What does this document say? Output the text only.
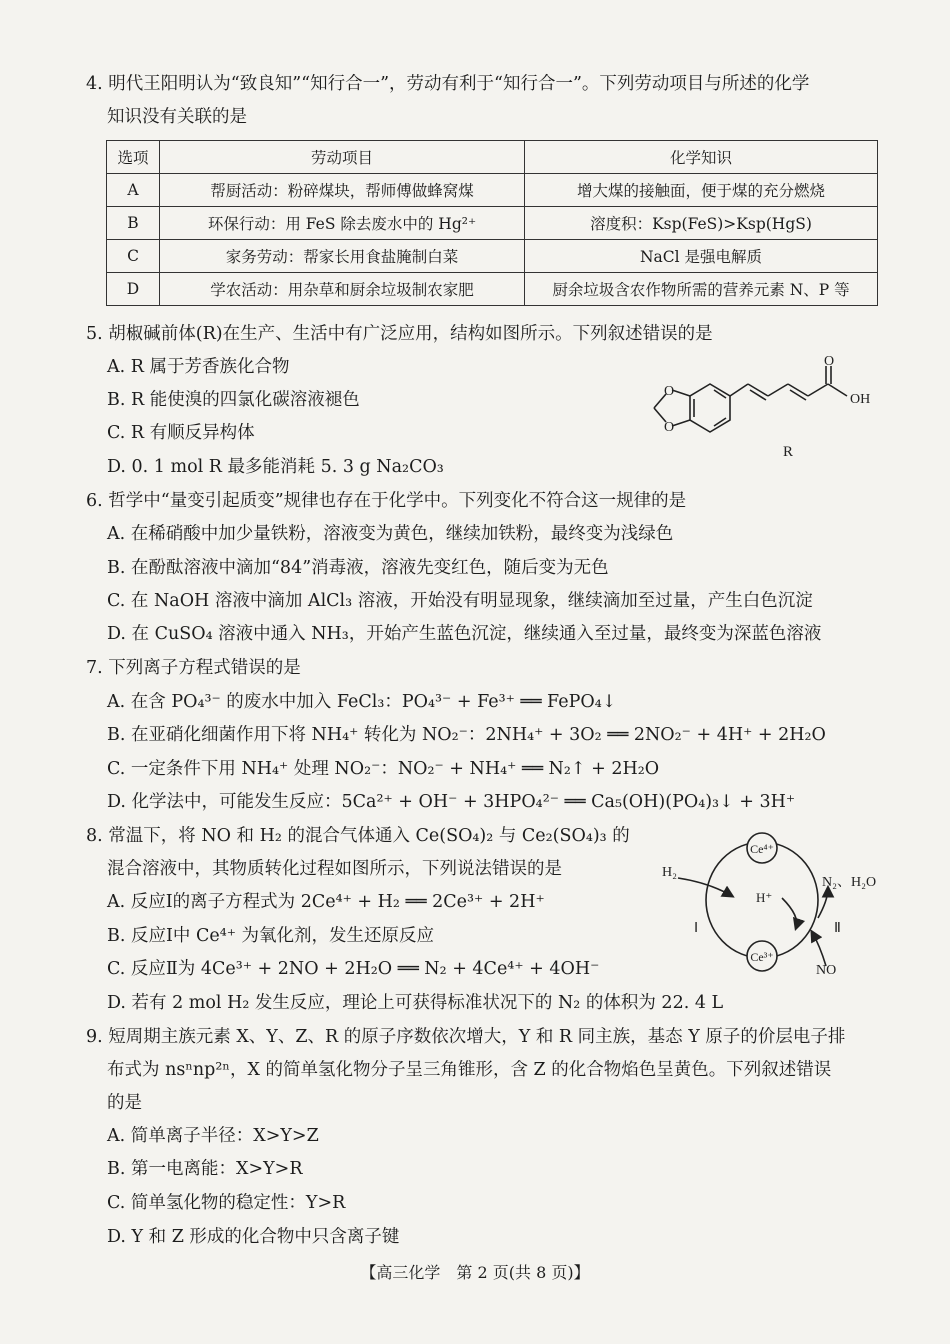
4. 明代王阳明认为“致良知”“知行合一”，劳动有利于“知行合一”。下列劳动项目与所述的化学
知识没有关联的是
选项	劳动项目	化学知识
A	帮厨活动：粉碎煤块，帮师傅做蜂窝煤	增大煤的接触面，便于煤的充分燃烧
B	环保行动：用 FeS 除去废水中的 Hg²⁺	溶度积：Ksp(FeS)>Ksp(HgS)
C	家务劳动：帮家长用食盐腌制白菜	NaCl 是强电解质
D	学农活动：用杂草和厨余垃圾制农家肥	厨余垃圾含农作物所需的营养元素 N、P 等
5. 胡椒碱前体(R)在生产、生活中有广泛应用，结构如图所示。下列叙述错误的是
A. R 属于芳香族化合物
B. R 能使溴的四氯化碳溶液褪色
C. R 有顺反异构体
D. 0. 1 mol R 最多能消耗 5. 3 g Na₂CO₃
O
O
O
OH
R
6. 哲学中“量变引起质变”规律也存在于化学中。下列变化不符合这一规律的是
A. 在稀硝酸中加少量铁粉，溶液变为黄色，继续加铁粉，最终变为浅绿色
B. 在酚酞溶液中滴加“84”消毒液，溶液先变红色，随后变为无色
C. 在 NaOH 溶液中滴加 AlCl₃ 溶液，开始没有明显现象，继续滴加至过量，产生白色沉淀
D. 在 CuSO₄ 溶液中通入 NH₃，开始产生蓝色沉淀，继续通入至过量，最终变为深蓝色溶液
7. 下列离子方程式错误的是
A. 在含 PO₄³⁻ 的废水中加入 FeCl₃：PO₄³⁻ + Fe³⁺ ══ FePO₄↓
B. 在亚硝化细菌作用下将 NH₄⁺ 转化为 NO₂⁻：2NH₄⁺ + 3O₂ ══ 2NO₂⁻ + 4H⁺ + 2H₂O
C. 一定条件下用 NH₄⁺ 处理 NO₂⁻：NO₂⁻ + NH₄⁺ ══ N₂↑ + 2H₂O
D. 化学法中，可能发生反应：5Ca²⁺ + OH⁻ + 3HPO₄²⁻ ══ Ca₅(OH)(PO₄)₃↓ + 3H⁺
8. 常温下，将 NO 和 H₂ 的混合气体通入 Ce(SO₄)₂ 与 Ce₂(SO₄)₃ 的
混合溶液中，其物质转化过程如图所示，下列说法错误的是
A. 反应Ⅰ的离子方程式为 2Ce⁴⁺ + H₂ ══ 2Ce³⁺ + 2H⁺
B. 反应Ⅰ中 Ce⁴⁺ 为氧化剂，发生还原反应
C. 反应Ⅱ为 4Ce³⁺ + 2NO + 2H₂O ══ N₂ + 4Ce⁴⁺ + 4OH⁻
D. 若有 2 mol H₂ 发生反应，理论上可获得标准状况下的 N₂ 的体积为 22. 4 L
Ce⁴⁺
Ce³⁺
H₂
H⁺
N₂、H₂O
NO
Ⅰ	Ⅱ
9. 短周期主族元素 X、Y、Z、R 的原子序数依次增大，Y 和 R 同主族，基态 Y 原子的价层电子排
布式为 nsⁿnp²ⁿ，X 的简单氢化物分子呈三角锥形，含 Z 的化合物焰色呈黄色。下列叙述错误
的是
A. 简单离子半径：X>Y>Z
B. 第一电离能：X>Y>R
C. 简单氢化物的稳定性：Y>R
D. Y 和 Z 形成的化合物中只含离子键
【高三化学　第 2 页(共 8 页)】
